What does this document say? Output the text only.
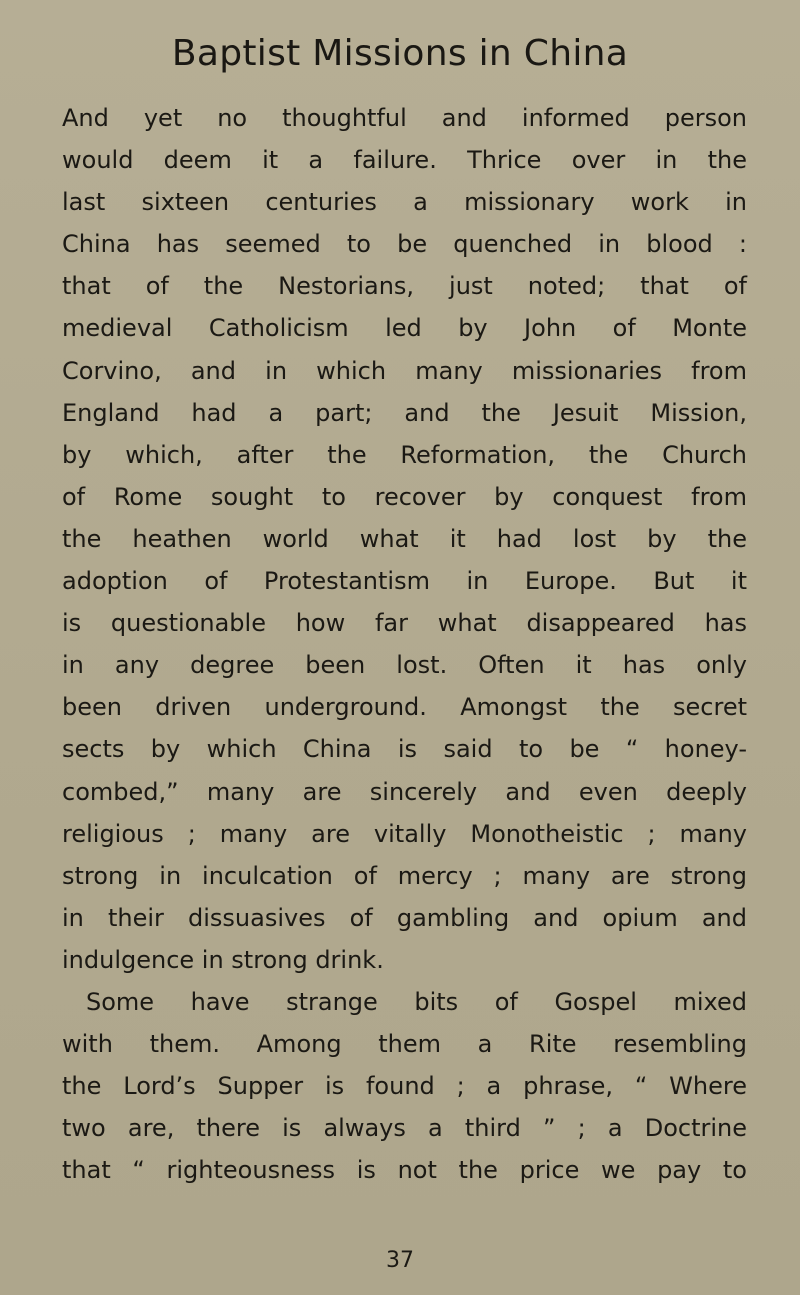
Baptist Missions in China
And yet no thoughtful and informed person
would deem it a failure. Thrice over in the
last sixteen centuries a missionary work in
China has seemed to be quenched in blood :
that of the Nestorians, just noted; that of
medieval Catholicism led by John of Monte
Corvino, and in which many missionaries from
England had a part; and the Jesuit Mission,
by which, after the Reformation, the Church
of Rome sought to recover by conquest from
the heathen world what it had lost by the
adoption of Protestantism in Europe. But it
is questionable how far what disappeared has
in any degree been lost. Often it has only
been driven underground. Amongst the secret
sects by which China is said to be “ honey-
combed,” many are sincerely and even deeply
religious ; many are vitally Monotheistic ; many
strong in inculcation of mercy ; many are strong
in their dissuasives of gambling and opium and
indulgence in strong drink.
Some have strange bits of Gospel mixed
with them. Among them a Rite resembling
the Lord’s Supper is found ; a phrase, “ Where
two are, there is always a third ” ; a Doctrine
that “ righteousness is not the price we pay to
37
